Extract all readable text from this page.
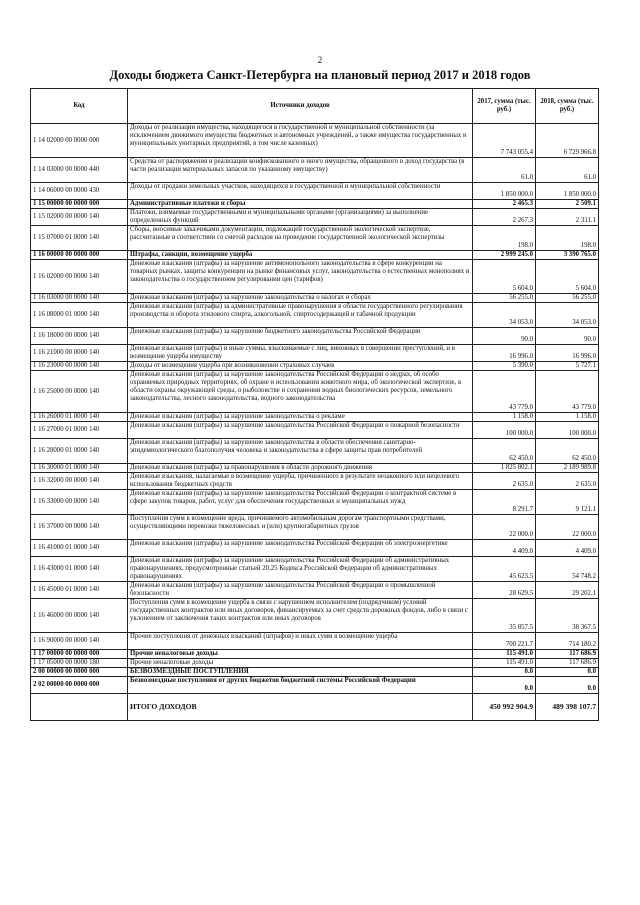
2
Доходы бюджета Санкт-Петербурга на плановый период 2017 и 2018 годов
Код	Источники доходов	2017, сумма (тыс. руб.)	2018, сумма (тыс. руб.)
1 14 02000 00 0000 000	Доходы от реализации имущества, находящегося в государственной и муниципальной собственности (за исключением движимого имущества бюджетных и автономных учреждений, а также имущества государственных и муниципальных унитарных предприятий, в том числе казенных)	7 743 055.4	6 729 966.8
1 14 03000 00 0000 440	Средства от распоряжения и реализации конфискованного и иного имущества, обращенного в доход государства (в части реализации материальных запасов по указанному имуществу)	61.0	61.0
1 14 06000 00 0000 430	Доходы от продажи земельных участков, находящихся в государственной и муниципальной собственности	1 850 000.0	1 850 000.0
1 15 00000 00 0000 000	Административные платежи и сборы	2 465.3	2 509.1
1 15 02000 00 0000 140	Платежи, взимаемые государственными и муниципальными органами (организациями) за выполнение определенных функций	2 267.3	2 311.1
1 15 07000 01 0000 140	Сборы, вносимые заказчиками документации, подлежащей государственной экологической экспертизе, рассчитанные в соответствии со сметой расходов на проведение государственной экологической экспертизы	198.0	198.0
1 16 00000 00 0000 000	Штрафы, санкции, возмещение ущерба	2 999 245.0	3 390 765.0
1 16 02000 00 0000 140	Денежные взыскания (штрафы) за нарушение антимонопольного законодательства в сфере конкуренции на товарных рынках, защиты конкуренции на рынке финансовых услуг, законодательства о естественных монополиях и законодательства о государственном регулировании цен (тарифов)	5 604.0	5 604.0
1 16 03000 00 0000 140	Денежные взыскания (штрафы) за нарушение законодательства о налогах и сборах	56 255.0	56 255.0
1 16 08000 01 0000 140	Денежные взыскания (штрафы) за административные правонарушения в области государственного регулирования производства и оборота этилового спирта, алкогольной, спиртосодержащей и табачной продукции	34 053.0	34 053.0
1 16 18000 00 0000 140	Денежные взыскания (штрафы) за нарушение бюджетного законодательства Российской Федерации	90.0	90.0
1 16 21000 00 0000 140	Денежные взыскания (штрафы) и иные суммы, взыскиваемые с лиц, виновных в совершении преступлений, и в возмещение ущерба имуществу	16 996.0	16 996.0
1 16 23000 00 0000 140	Доходы от возмещения ущерба при возникновении страховых случаев	5 390.0	5 727.1
1 16 25000 00 0000 140	Денежные взыскания (штрафы) за нарушение законодательства Российской Федерации о недрах, об особо охраняемых природных территориях, об охране и использовании животного мира, об экологической экспертизе, в области охраны окружающей среды, о рыболовстве и сохранении водных биологических ресурсов, земельного законодательства, лесного законодательства, водного законодательства	43 779.0	43 779.0
1 16 26000 01 0000 140	Денежные взыскания (штрафы) за нарушение законодательства о рекламе	1 158.0	1 158.0
1 16 27000 01 0000 140	Денежные взыскания (штрафы) за нарушение законодательства Российской Федерации о пожарной безопасности	100 000.0	100 000.0
1 16 28000 01 0000 140	Денежные взыскания (штрафы) за нарушение законодательства в области обеспечения санитарно-эпидемиологического благополучия человека и законодательства в сфере защиты прав потребителей	62 450.0	62 450.0
1 16 30000 01 0000 140	Денежные взыскания (штрафы) за правонарушения в области дорожного движения	1 825 802.1	2 189 989.8
1 16 32000 00 0000 140	Денежные взыскания, налагаемые в возмещение ущерба, причиненного в результате незаконного или нецелевого использования бюджетных средств	2 635.0	2 635.0
1 16 33000 00 0000 140	Денежные взыскания (штрафы) за нарушение законодательства Российской Федерации о контрактной системе в сфере закупок товаров, работ, услуг для обеспечения государственных и муниципальных нужд	8 291.7	9 121.1
1 16 37000 00 0000 140	Поступления сумм в возмещение вреда, причиняемого автомобильным дорогам транспортными средствами, осуществляющими перевозки тяжеловесных и (или) крупногабаритных грузов	22 000.0	22 000.0
1 16 41000 01 0000 140	Денежные взыскания (штрафы) за нарушение законодательства Российской Федерации об электроэнергетике	4 409.0	4 409.0
1 16 43000 01 0000 140	Денежные взыскания (штрафы) за нарушение законодательства Российской Федерации об административных правонарушениях, предусмотренные статьей 20.25 Кодекса Российской Федерации об административных правонарушениях	45 623.5	54 748.2
1 16 45000 01 0000 140	Денежные взыскания (штрафы) за нарушение законодательства Российской Федерации о промышленной безопасности	28 629.5	29 202.1
1 16 46000 00 0000 140	Поступления сумм в возмещение ущерба в связи с нарушением исполнителем (подрядчиком) условий государственных контрактов или иных договоров, финансируемых за счет средств дорожных фондов, либо в связи с уклонением от заключения таких контрактов или иных договоров	35 857.5	38 367.5
1 16 90000 00 0000 140	Прочие поступления от денежных взысканий (штрафов) и иных сумм в возмещение ущерба	700 221.7	714 180.2
1 17 00000 00 0000 000	Прочие неналоговые доходы	115 491.0	117 686.9
1 17 05000 00 0000 180	Прочие неналоговые доходы	115 491.0	117 686.9
2 00 00000 00 0000 000	БЕЗВОЗМЕЗДНЫЕ ПОСТУПЛЕНИЯ	0.0	0.0
2 02 00000 00 0000 000	Безвозмездные поступления от других бюджетов бюджетной системы Российской Федерации	0.0	0.0
	ИТОГО ДОХОДОВ	450 992 904.9	489 398 107.7
